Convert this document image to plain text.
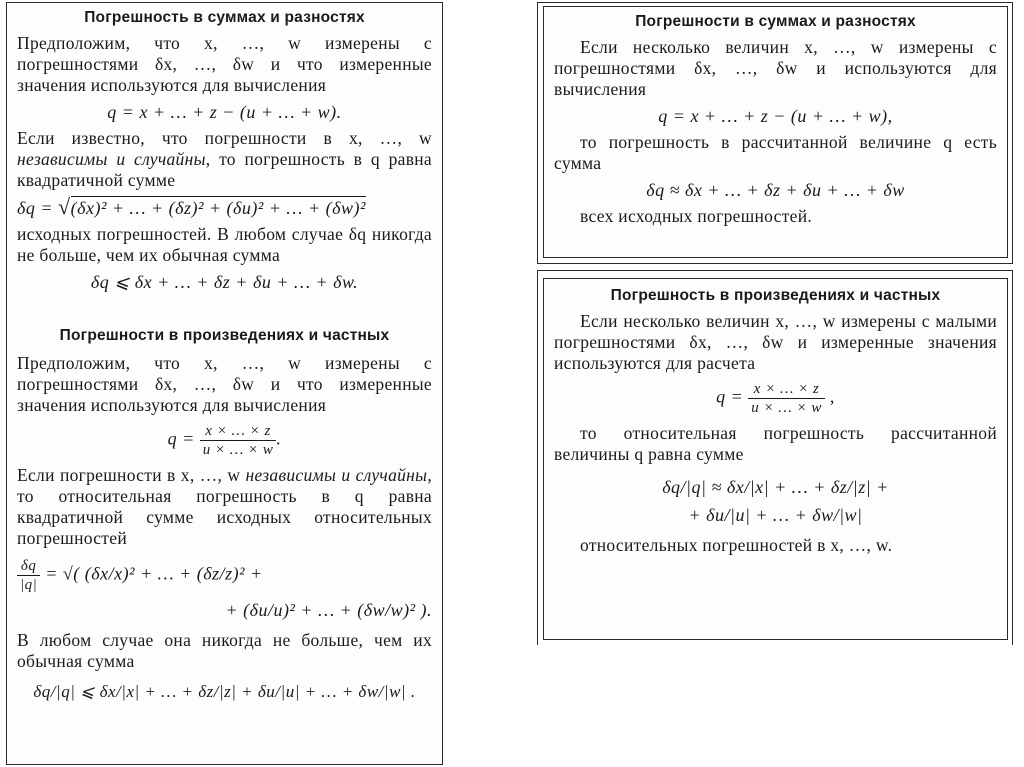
Погрешность в суммах и разностях

Предположим, что x, …, w измерены с погрешностями δx, …, δw и что измеренные значения используются для вычисления

q = x + … + z − (u + … + w).

Если известно, что погрешности в x, …, w независимы и случайны, то погрешность в q равна квадратичной сумме

δq = √(δx)² + … + (δz)² + (δu)² + … + (δw)²

исходных погрешностей. В любом случае δq никогда не больше, чем их обычная сумма

δq ⩽ δx + … + δz + δu + … + δw.
Погрешности в произведениях и частных

Предположим, что x, …, w измерены с погрешностями δx, …, δw и что измеренные значения используются для вычисления

$q = \frac{x \times \dots \times z}{u \times \dots \times w}$ .

Если погрешности в x, …, w независимы и случайны, то относительная погрешность в q равна квадратичной сумме исходных относительных погрешностей

$\frac{\delta q}{|q|}$ = √( (δx/x)² + … + (δz/z)² +
+ (δu/u)² + … + (δw/w)² ).

В любом случае она никогда не больше, чем их обычная сумма

δq/|q| ⩽ δx/|x| + … + δz/|z| + δu/|u| + … + δw/|w| .
Погрешности в суммах и разностях

Если несколько величин x, …, w измерены с погрешностями δx, …, δw и используются для вычисления

q = x + … + z − (u + … + w),

то погрешность в рассчитанной величине q есть сумма

δq ≈ δx + … + δz + δu + … + δw

всех исходных погрешностей.

Погрешность в произведениях и частных

Если несколько величин x, …, w измерены с малыми погрешностями δx, …, δw и измеренные значения используются для расчета

$q = \frac{x \times \dots \times z}{u \times \dots \times w}$ ,

то относительная погрешность рассчитанной величины q равна сумме

δq/|q| ≈ δx/|x| + … + δz/|z| +
+ δu/|u| + … + δw/|w|

относительных погрешностей в x, …, w.
